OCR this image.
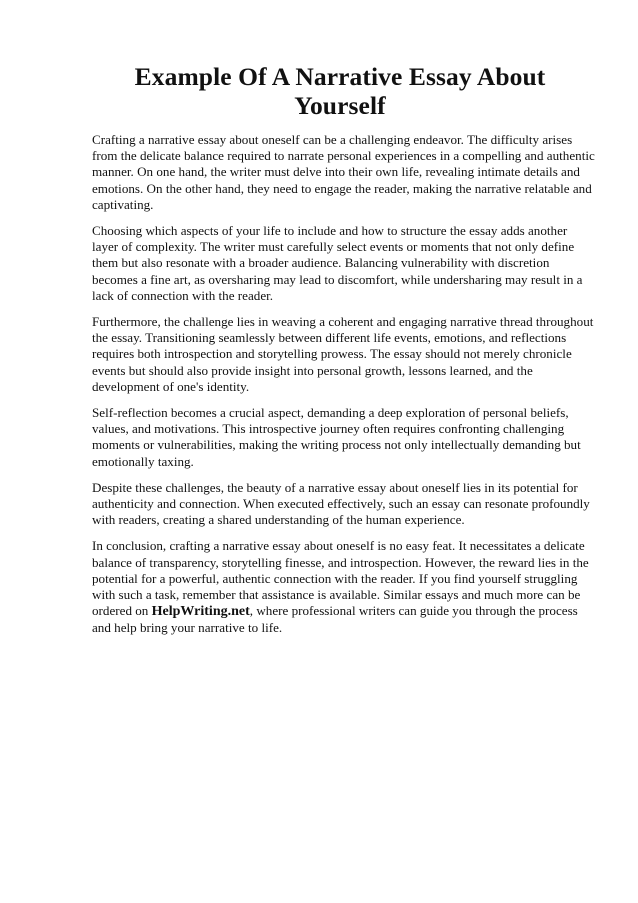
Example Of A Narrative Essay About Yourself

Crafting a narrative essay about oneself can be a challenging endeavor. The difficulty arises from the delicate balance required to narrate personal experiences in a compelling and authentic manner. On one hand, the writer must delve into their own life, revealing intimate details and emotions. On the other hand, they need to engage the reader, making the narrative relatable and captivating.

Choosing which aspects of your life to include and how to structure the essay adds another layer of complexity. The writer must carefully select events or moments that not only define them but also resonate with a broader audience. Balancing vulnerability with discretion becomes a fine art, as oversharing may lead to discomfort, while undersharing may result in a lack of connection with the reader.

Furthermore, the challenge lies in weaving a coherent and engaging narrative thread throughout the essay. Transitioning seamlessly between different life events, emotions, and reflections requires both introspection and storytelling prowess. The essay should not merely chronicle events but should also provide insight into personal growth, lessons learned, and the development of one's identity.

Self-reflection becomes a crucial aspect, demanding a deep exploration of personal beliefs, values, and motivations. This introspective journey often requires confronting challenging moments or vulnerabilities, making the writing process not only intellectually demanding but emotionally taxing.

Despite these challenges, the beauty of a narrative essay about oneself lies in its potential for authenticity and connection. When executed effectively, such an essay can resonate profoundly with readers, creating a shared understanding of the human experience.

In conclusion, crafting a narrative essay about oneself is no easy feat. It necessitates a delicate balance of transparency, storytelling finesse, and introspection. However, the reward lies in the potential for a powerful, authentic connection with the reader. If you find yourself struggling with such a task, remember that assistance is available. Similar essays and much more can be ordered on HelpWriting.net, where professional writers can guide you through the process and help bring your narrative to life.
